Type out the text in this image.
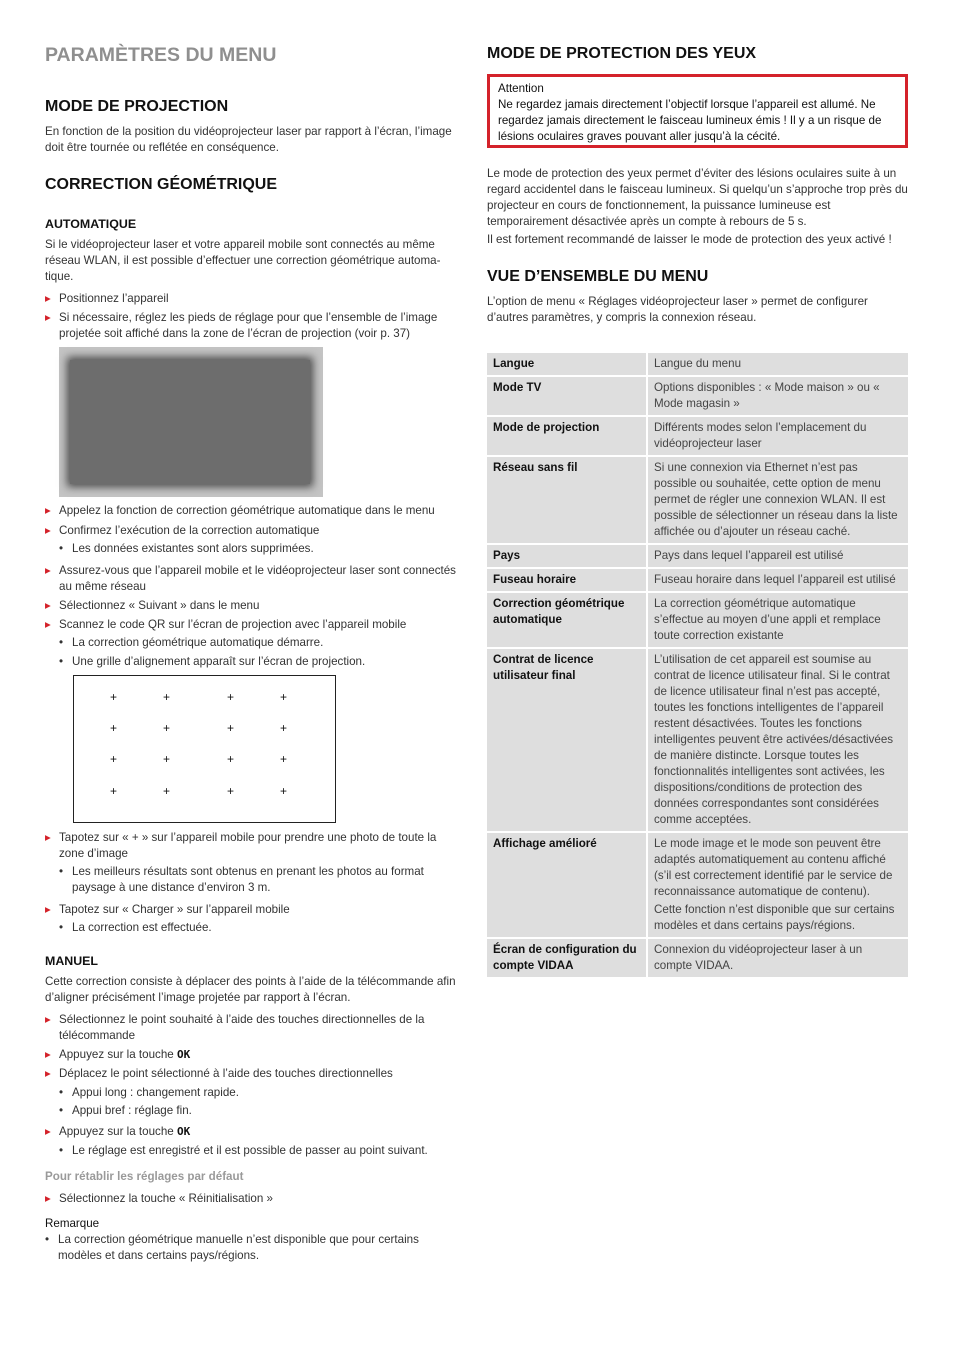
PARAMÈTRES DU MENU
MODE DE PROJECTION
En fonction de la position du vidéoprojecteur laser par rapport à l’écran, l’image doit être tournée ou reflétée en conséquence.
CORRECTION GÉOMÉTRIQUE
AUTOMATIQUE
Si le vidéoprojecteur laser et votre appareil mobile sont connectés au même réseau WLAN, il est possible d’effectuer une correction géométrique automatique.
▶ Positionnez l’appareil
▶ Si nécessaire, réglez les pieds de réglage pour que l’ensemble de l’image projetée soit affiché dans la zone de l’écran de projection (voir p. 37)
▶ Appelez la fonction de correction géométrique automatique dans le menu
▶ Confirmez l’exécution de la correction automatique
• Les données existantes sont alors supprimées.
▶ Assurez-vous que l’appareil mobile et le vidéoprojecteur laser sont connectés au même réseau
▶ Sélectionnez « Suivant » dans le menu
▶ Scannez le code QR sur l’écran de projection avec l’appareil mobile
• La correction géométrique automatique démarre.
• Une grille d’alignement apparaît sur l’écran de projection.
+	+	+	+
+	+	+	+
+	+	+	+
+	+	+	+
▶ Tapotez sur « + » sur l’appareil mobile pour prendre une photo de toute la zone d’image
• Les meilleurs résultats sont obtenus en prenant les photos au format paysage à une distance d’environ 3 m.
▶ Tapotez sur « Charger » sur l’appareil mobile
• La correction est effectuée.
MANUEL
Cette correction consiste à déplacer des points à l’aide de la télécommande afin d’aligner précisément l’image projetée par rapport à l’écran.
▶ Sélectionnez le point souhaité à l’aide des touches directionnelles de la télécommande
▶ Appuyez sur la touche OK
▶ Déplacez le point sélectionné à l’aide des touches directionnelles
• Appui long : changement rapide.
• Appui bref : réglage fin.
▶ Appuyez sur la touche OK
• Le réglage est enregistré et il est possible de passer au point suivant.
Pour rétablir les réglages par défaut
▶ Sélectionnez la touche « Réinitialisation »
Remarque
• La correction géométrique manuelle n’est disponible que pour certains modèles et dans certains pays/régions.
MODE DE PROTECTION DES YEUX
Attention
Ne regardez jamais directement l’objectif lorsque l’appareil est allumé. Ne regardez jamais directement le faisceau lumineux émis ! Il y a un risque de lésions oculaires graves pouvant aller jusqu’à la cécité.
Le mode de protection des yeux permet d’éviter des lésions oculaires suite à un regard accidentel dans le faisceau lumineux. Si quelqu’un s’approche trop près du projecteur en cours de fonctionnement, la puissance lumineuse est temporairement désactivée après un compte à rebours de 5 s.
Il est fortement recommandé de laisser le mode de protection des yeux activé !
VUE D’ENSEMBLE DU MENU
L’option de menu « Réglages vidéoprojecteur laser » permet de configurer d’autres paramètres, y compris la connexion réseau.
Langue	Langue du menu

Mode TV	Options disponibles : « Mode maison » ou « Mode magasin »

Mode de projection	Différents modes selon l’emplacement du vidéoprojecteur laser

Réseau sans fil	Si une connexion via Ethernet n’est pas possible ou souhaitée, cette option de menu permet de régler une connexion WLAN. Il est possible de sélectionner un réseau dans la liste affichée ou d’ajouter un réseau caché.

Pays	Pays dans lequel l’appareil est utilisé

Fuseau horaire	Fuseau horaire dans lequel l’appareil est utilisé

Correction géométrique automatique	La correction géométrique automatique s’effectue au moyen d’une appli et remplace toute correction existante

Contrat de licence utilisateur final	L’utilisation de cet appareil est soumise au contrat de licence utilisateur final. Si le contrat de licence utilisateur final n’est pas accepté, toutes les fonctions intelligentes de l’appareil restent désactivées. Toutes les fonctions intelligentes peuvent être activées/désactivées de manière distincte. Lorsque toutes les fonctionnalités intelligentes sont activées, les dispositions/conditions de protection des données correspondantes sont considérées comme acceptées.

Affichage amélioré	Le mode image et le mode son peuvent être adaptés automatiquement au contenu affiché (s’il est correctement identifié par le service de reconnaissance automatique de contenu).
Cette fonction n’est disponible que sur certains modèles et dans certains pays/régions.

Écran de configuration du compte VIDAA	Connexion du vidéoprojecteur laser à un compte VIDAA.
